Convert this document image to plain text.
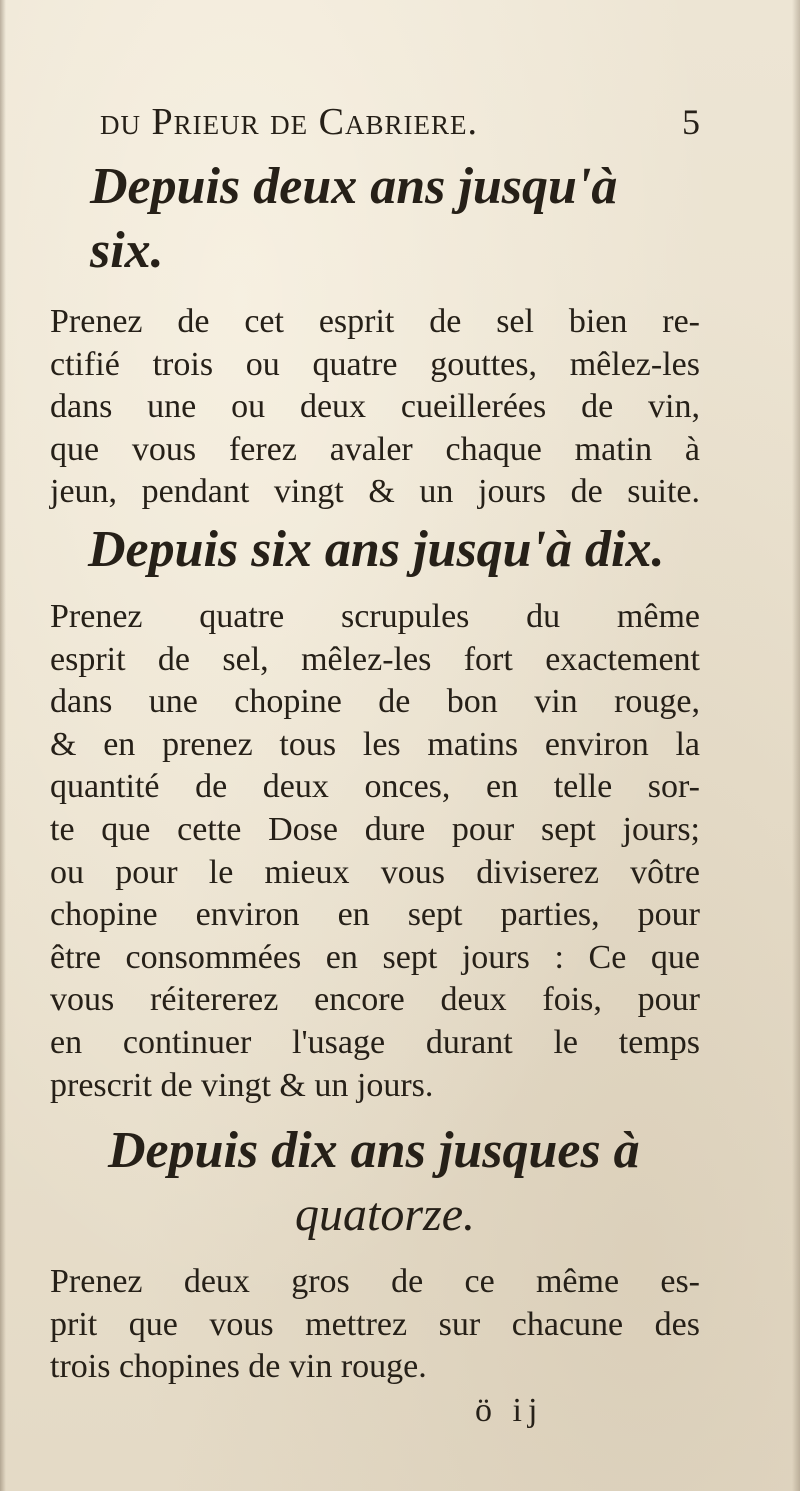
du Prieur de Cabriere.	5
Depuis deux ans jusqu'à six.

Prenez de cet esprit de sel bien re-
ctifié trois ou quatre gouttes, mêlez-les
dans une ou deux cueillerées de vin,
que vous ferez avaler chaque matin à
jeun, pendant vingt & un jours de suite.

Depuis six ans jusqu'à dix.

Prenez quatre scrupules du même
esprit de sel, mêlez-les fort exactement
dans une chopine de bon vin rouge,
& en prenez tous les matins environ la
quantité de deux onces, en telle sor-
te que cette Dose dure pour sept jours;
ou pour le mieux vous diviserez vôtre
chopine environ en sept parties, pour
être consommées en sept jours : Ce que
vous réitererez encore deux fois, pour
en continuer l'usage durant le temps
prescrit de vingt & un jours.

Depuis dix ans jusques à

quatorze.

Prenez deux gros de ce même es-
prit que vous mettrez sur chacune des
trois chopines de vin rouge.

ö ij
